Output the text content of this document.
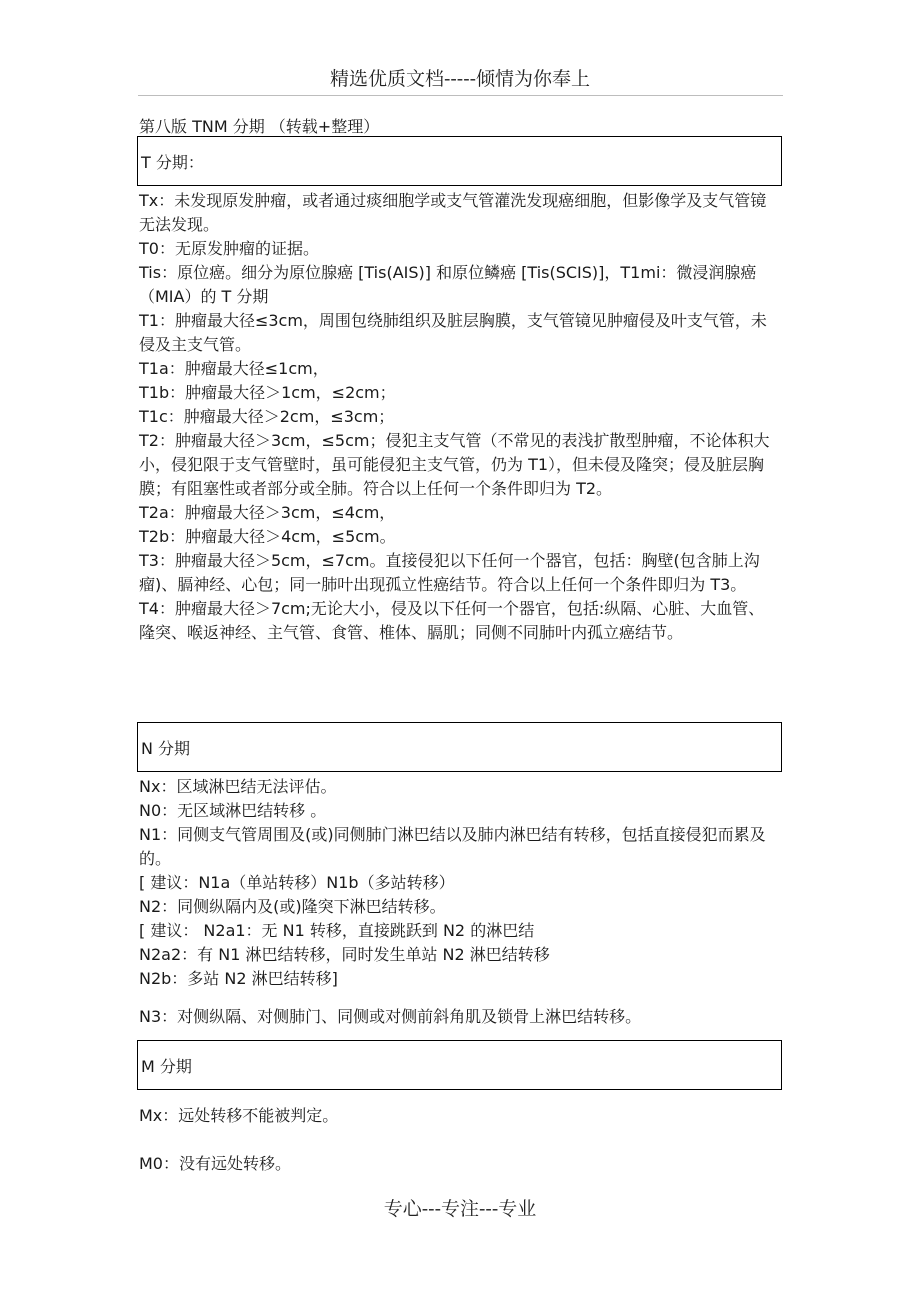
精选优质文档-----倾情为你奉上
第八版 TNM 分期 （转载+整理）
T 分期：
Tx：未发现原发肿瘤，或者通过痰细胞学或支气管灌洗发现癌细胞，但影像学及支气管镜无法发现。
T0：无原发肿瘤的证据。
Tis：原位癌。细分为原位腺癌 [Tis(AIS)] 和原位鳞癌 [Tis(SCIS)]，T1mi：微浸润腺癌（MIA）的 T 分期
T1：肿瘤最大径≤3cm，周围包绕肺组织及脏层胸膜，支气管镜见肿瘤侵及叶支气管，未侵及主支气管。
T1a：肿瘤最大径≤1cm，
T1b：肿瘤最大径＞1cm，≤2cm；
T1c：肿瘤最大径＞2cm，≤3cm；
T2：肿瘤最大径＞3cm，≤5cm；侵犯主支气管（不常见的表浅扩散型肿瘤，不论体积大小，侵犯限于支气管壁时，虽可能侵犯主支气管，仍为 T1），但未侵及隆突；侵及脏层胸膜；有阻塞性或者部分或全肺。符合以上任何一个条件即归为 T2。
T2a：肿瘤最大径＞3cm，≤4cm，
T2b：肿瘤最大径＞4cm，≤5cm。
T3：肿瘤最大径＞5cm，≤7cm。直接侵犯以下任何一个器官，包括：胸壁(包含肺上沟瘤)、膈神经、心包；同一肺叶出现孤立性癌结节。符合以上任何一个条件即归为 T3。
T4：肿瘤最大径＞7cm;无论大小，侵及以下任何一个器官，包括:纵隔、心脏、大血管、隆突、喉返神经、主气管、食管、椎体、膈肌；同侧不同肺叶内孤立癌结节。
N 分期
Nx：区域淋巴结无法评估。
N0：无区域淋巴结转移 。
N1：同侧支气管周围及(或)同侧肺门淋巴结以及肺内淋巴结有转移，包括直接侵犯而累及的。
[ 建议：N1a（单站转移）N1b（多站转移）
N2：同侧纵隔内及(或)隆突下淋巴结转移。
[ 建议： N2a1：无 N1 转移，直接跳跃到 N2 的淋巴结
N2a2：有 N1 淋巴结转移，同时发生单站 N2 淋巴结转移
N2b：多站 N2 淋巴结转移]
N3：对侧纵隔、对侧肺门、同侧或对侧前斜角肌及锁骨上淋巴结转移。
M 分期
Mx：远处转移不能被判定。
M0：没有远处转移。
专心---专注---专业
